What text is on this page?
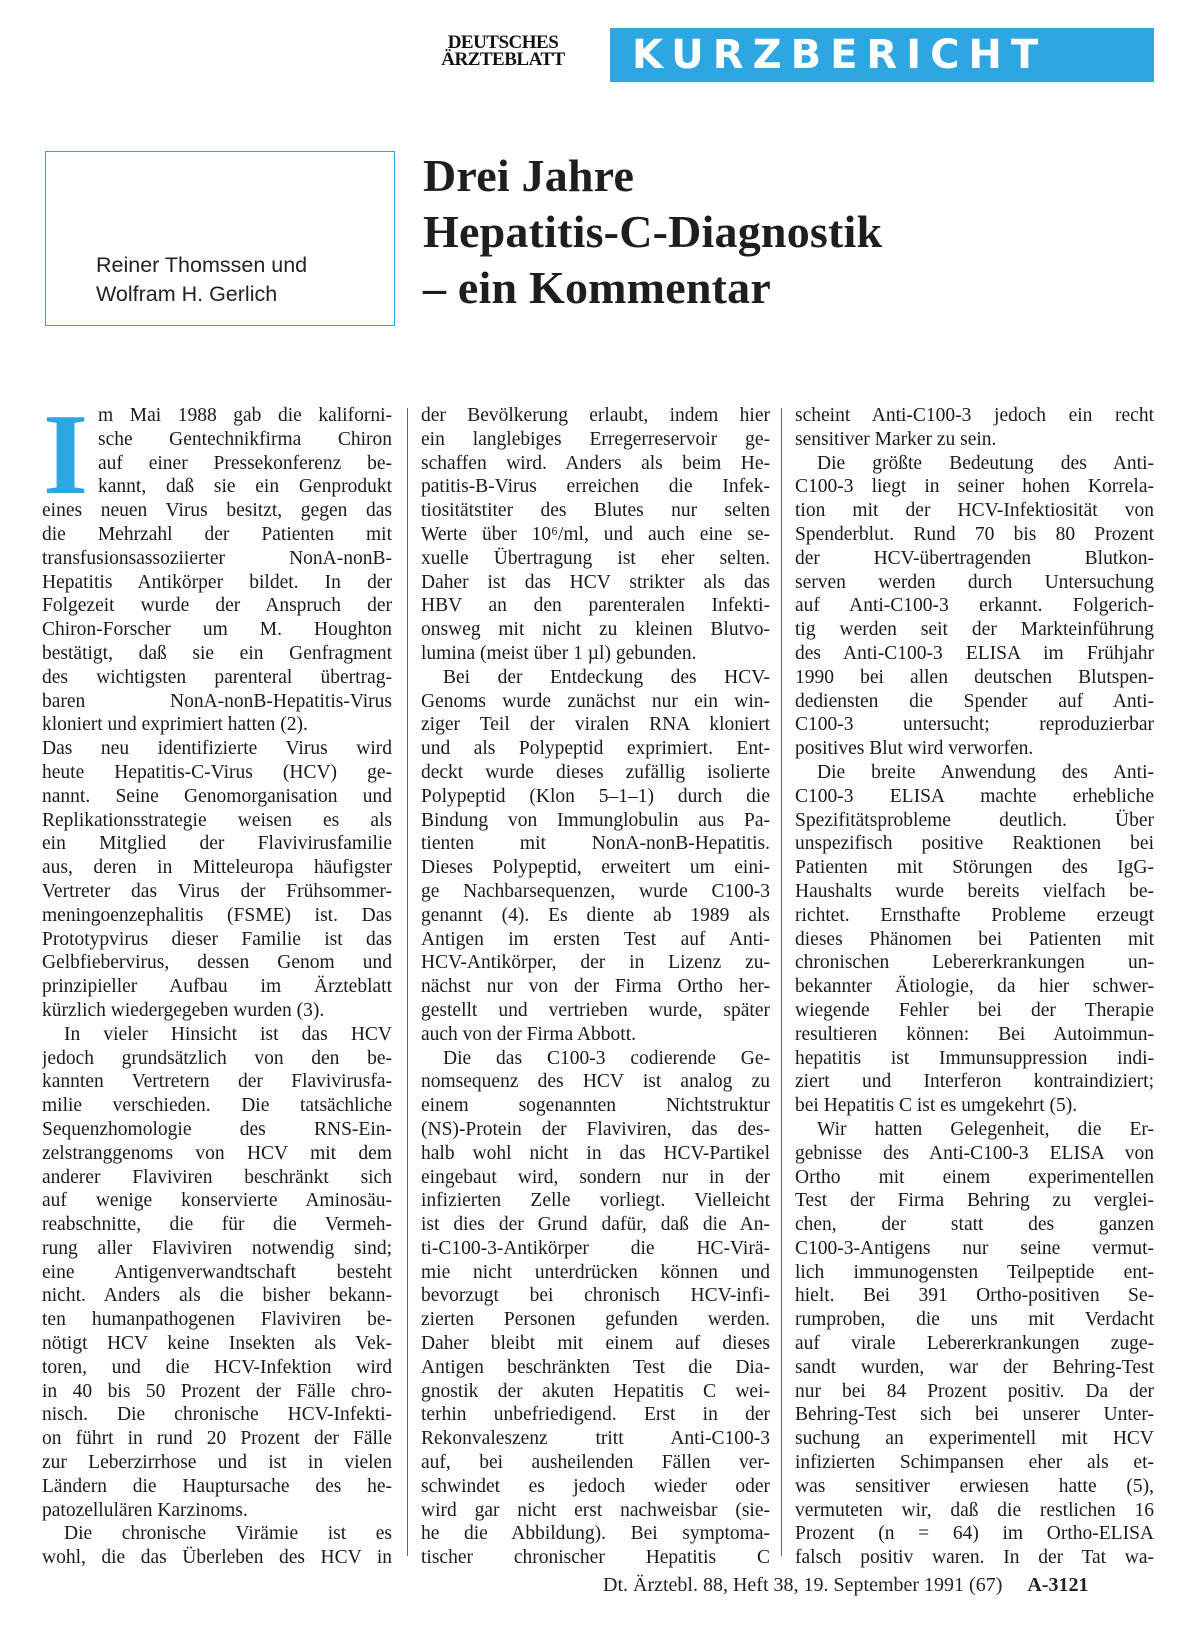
DEUTSCHES
ÄRZTEBLATT	KURZBERICHT
Reiner Thomssen und
Wolfram H. Gerlich
Drei Jahre
Hepatitis-C-Diagnostik
– ein Kommentar
I m Mai 1988 gab die kaliforni-
sche Gentechnikfirma Chiron
auf einer Pressekonferenz be-
kannt, daß sie ein Genprodukt
eines neuen Virus besitzt, gegen das
die Mehrzahl der Patienten mit
transfusionsassoziierter NonA-nonB-
Hepatitis Antikörper bildet. In der
Folgezeit wurde der Anspruch der
Chiron-Forscher um M. Houghton
bestätigt, daß sie ein Genfragment
des wichtigsten parenteral übertrag-
baren NonA-nonB-Hepatitis-Virus
kloniert und exprimiert hatten (2).
Das neu identifizierte Virus wird
heute Hepatitis-C-Virus (HCV) ge-
nannt. Seine Genomorganisation und
Replikationsstrategie weisen es als
ein Mitglied der Flavivirusfamilie
aus, deren in Mitteleuropa häufigster
Vertreter das Virus der Frühsommer-
meningoenzephalitis (FSME) ist. Das
Prototypvirus dieser Familie ist das
Gelbfiebervirus, dessen Genom und
prinzipieller Aufbau im Ärzteblatt
kürzlich wiedergegeben wurden (3).
In vieler Hinsicht ist das HCV
jedoch grundsätzlich von den be-
kannten Vertretern der Flavivirusfa-
milie verschieden. Die tatsächliche
Sequenzhomologie des RNS-Ein-
zelstranggenoms von HCV mit dem
anderer Flaviviren beschränkt sich
auf wenige konservierte Aminosäu-
reabschnitte, die für die Vermeh-
rung aller Flaviviren notwendig sind;
eine Antigenverwandtschaft besteht
nicht. Anders als die bisher bekann-
ten humanpathogenen Flaviviren be-
nötigt HCV keine Insekten als Vek-
toren, und die HCV-Infektion wird
in 40 bis 50 Prozent der Fälle chro-
nisch. Die chronische HCV-Infekti-
on führt in rund 20 Prozent der Fälle
zur Leberzirrhose und ist in vielen
Ländern die Hauptursache des he-
patozellulären Karzinoms.
Die chronische Virämie ist es
wohl, die das Überleben des HCV in
der Bevölkerung erlaubt, indem hier
ein langlebiges Erregerreservoir ge-
schaffen wird. Anders als beim He-
patitis-B-Virus erreichen die Infek-
tiositätstiter des Blutes nur selten
Werte über 10⁶/ml, und auch eine se-
xuelle Übertragung ist eher selten.
Daher ist das HCV strikter als das
HBV an den parenteralen Infekti-
onsweg mit nicht zu kleinen Blutvo-
lumina (meist über 1 µl) gebunden.
Bei der Entdeckung des HCV-
Genoms wurde zunächst nur ein win-
ziger Teil der viralen RNA kloniert
und als Polypeptid exprimiert. Ent-
deckt wurde dieses zufällig isolierte
Polypeptid (Klon 5–1–1) durch die
Bindung von Immunglobulin aus Pa-
tienten mit NonA-nonB-Hepatitis.
Dieses Polypeptid, erweitert um eini-
ge Nachbarsequenzen, wurde C100-3
genannt (4). Es diente ab 1989 als
Antigen im ersten Test auf Anti-
HCV-Antikörper, der in Lizenz zu-
nächst nur von der Firma Ortho her-
gestellt und vertrieben wurde, später
auch von der Firma Abbott.
Die das C100-3 codierende Ge-
nomsequenz des HCV ist analog zu
einem sogenannten Nichtstruktur
(NS)-Protein der Flaviviren, das des-
halb wohl nicht in das HCV-Partikel
eingebaut wird, sondern nur in der
infizierten Zelle vorliegt. Vielleicht
ist dies der Grund dafür, daß die An-
ti-C100-3-Antikörper die HC-Virä-
mie nicht unterdrücken können und
bevorzugt bei chronisch HCV-infi-
zierten Personen gefunden werden.
Daher bleibt mit einem auf dieses
Antigen beschränkten Test die Dia-
gnostik der akuten Hepatitis C wei-
terhin unbefriedigend. Erst in der
Rekonvaleszenz tritt Anti-C100-3
auf, bei ausheilenden Fällen ver-
schwindet es jedoch wieder oder
wird gar nicht erst nachweisbar (sie-
he die Abbildung). Bei symptoma-
tischer chronischer Hepatitis C
scheint Anti-C100-3 jedoch ein recht
sensitiver Marker zu sein.
Die größte Bedeutung des Anti-
C100-3 liegt in seiner hohen Korrela-
tion mit der HCV-Infektiosität von
Spenderblut. Rund 70 bis 80 Prozent
der HCV-übertragenden Blutkon-
serven werden durch Untersuchung
auf Anti-C100-3 erkannt. Folgerich-
tig werden seit der Markteinführung
des Anti-C100-3 ELISA im Frühjahr
1990 bei allen deutschen Blutspen-
dediensten die Spender auf Anti-
C100-3 untersucht; reproduzierbar
positives Blut wird verworfen.
Die breite Anwendung des Anti-
C100-3 ELISA machte erhebliche
Spezifitätsprobleme deutlich. Über
unspezifisch positive Reaktionen bei
Patienten mit Störungen des IgG-
Haushalts wurde bereits vielfach be-
richtet. Ernsthafte Probleme erzeugt
dieses Phänomen bei Patienten mit
chronischen Lebererkrankungen un-
bekannter Ätiologie, da hier schwer-
wiegende Fehler bei der Therapie
resultieren können: Bei Autoimmun-
hepatitis ist Immunsuppression indi-
ziert und Interferon kontraindiziert;
bei Hepatitis C ist es umgekehrt (5).
Wir hatten Gelegenheit, die Er-
gebnisse des Anti-C100-3 ELISA von
Ortho mit einem experimentellen
Test der Firma Behring zu verglei-
chen, der statt des ganzen
C100-3-Antigens nur seine vermut-
lich immunogensten Teilpeptide ent-
hielt. Bei 391 Ortho-positiven Se-
rumproben, die uns mit Verdacht
auf virale Lebererkrankungen zuge-
sandt wurden, war der Behring-Test
nur bei 84 Prozent positiv. Da der
Behring-Test sich bei unserer Unter-
suchung an experimentell mit HCV
infizierten Schimpansen eher als et-
was sensitiver erwiesen hatte (5),
vermuteten wir, daß die restlichen 16
Prozent (n = 64) im Ortho-ELISA
falsch positiv waren. In der Tat wa-
Dt. Ärztebl. 88, Heft 38, 19. September 1991 (67) A-3121
